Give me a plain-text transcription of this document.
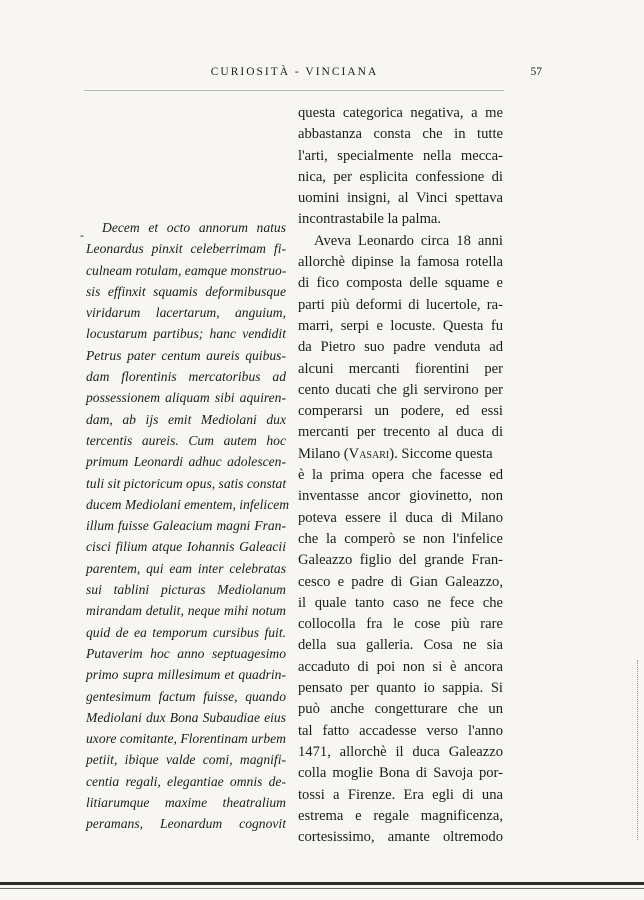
CURIOSITÀ - VINCIANA	57
-	Decem et octo annorum natus
Leonardus pinxit celeberrimam fi-
culneam rotulam, eamque monstruo-
sis effinxit squamis deformibusque
viridarum lacertarum, anguium,
locustarum partibus; hanc vendidit
Petrus pater centum aureis quibus-
dam florentinis mercatoribus ad
possessionem aliquam sibi aquiren-
dam, ab ijs emit Mediolani dux
tercentis aureis. Cum autem hoc
primum Leonardi adhuc adolescen-
tuli sit pictoricum opus, satis constat
ducem Mediolani ementem, infelicem
illum fuisse Galeacium magni Fran-
cisci filium atque Iohannis Galeacii
parentem, qui eam inter celebratas
sui tablini picturas Mediolanum
mirandam detulit, neque mihi notum
quid de ea temporum cursibus fuit.
Putaverim hoc anno septuagesimo
primo supra millesimum et quadrin-
gentesimum factum fuisse, quando
Mediolani dux Bona Subaudiae eius
uxore comitante, Florentinam urbem
petiit, ibique valde comi, magnifi-
centia regali, elegantiae omnis de-
litiarumque maxime theatralium
peramans, Leonardum cognovit
questa categorica negativa, a me
abbastanza consta che in tutte
l'arti, specialmente nella mecca-
nica, per esplicita confessione di
uomini insigni, al Vinci spettava
incontrastabile la palma.
Aveva Leonardo circa 18 anni
allorchè dipinse la famosa rotella
di fico composta delle squame e
parti più deformi di lucertole, ra-
marri, serpi e locuste. Questa fu
da Pietro suo padre venduta ad
alcuni mercanti fiorentini per
cento ducati che gli servirono per
comperarsi un podere, ed essi
mercanti per trecento al duca di
Milano (Vasari). Siccome questa
è la prima opera che facesse ed
inventasse ancor giovinetto, non
poteva essere il duca di Milano
che la comperò se non l'infelice
Galeazzo figlio del grande Fran-
cesco e padre di Gian Galeazzo,
il quale tanto caso ne fece che
collocolla fra le cose più rare
della sua galleria. Cosa ne sia
accaduto di poi non si è ancora
pensato per quanto io sappia. Si
può anche congetturare che un
tal fatto accadesse verso l'anno
1471, allorchè il duca Galeazzo
colla moglie Bona di Savoja por-
tossi a Firenze. Era egli di una
estrema e regale magnificenza,
cortesissimo, amante oltremodo
